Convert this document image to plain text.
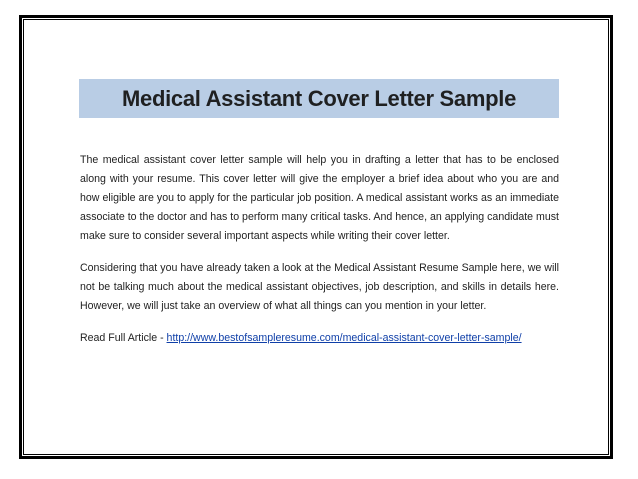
Medical Assistant Cover Letter Sample

The medical assistant cover letter sample will help you in drafting a letter that has to be enclosed along with your resume. This cover letter will give the employer a brief idea about who you are and how eligible are you to apply for the particular job position. A medical assistant works as an immediate associate to the doctor and has to perform many critical tasks. And hence, an applying candidate must make sure to consider several important aspects while writing their cover letter.

Considering that you have already taken a look at the Medical Assistant Resume Sample here, we will not be talking much about the medical assistant objectives, job description, and skills in details here. However, we will just take an overview of what all things can you mention in your letter.

Read Full Article - http://www.bestofsampleresume.com/medical-assistant-cover-letter-sample/
